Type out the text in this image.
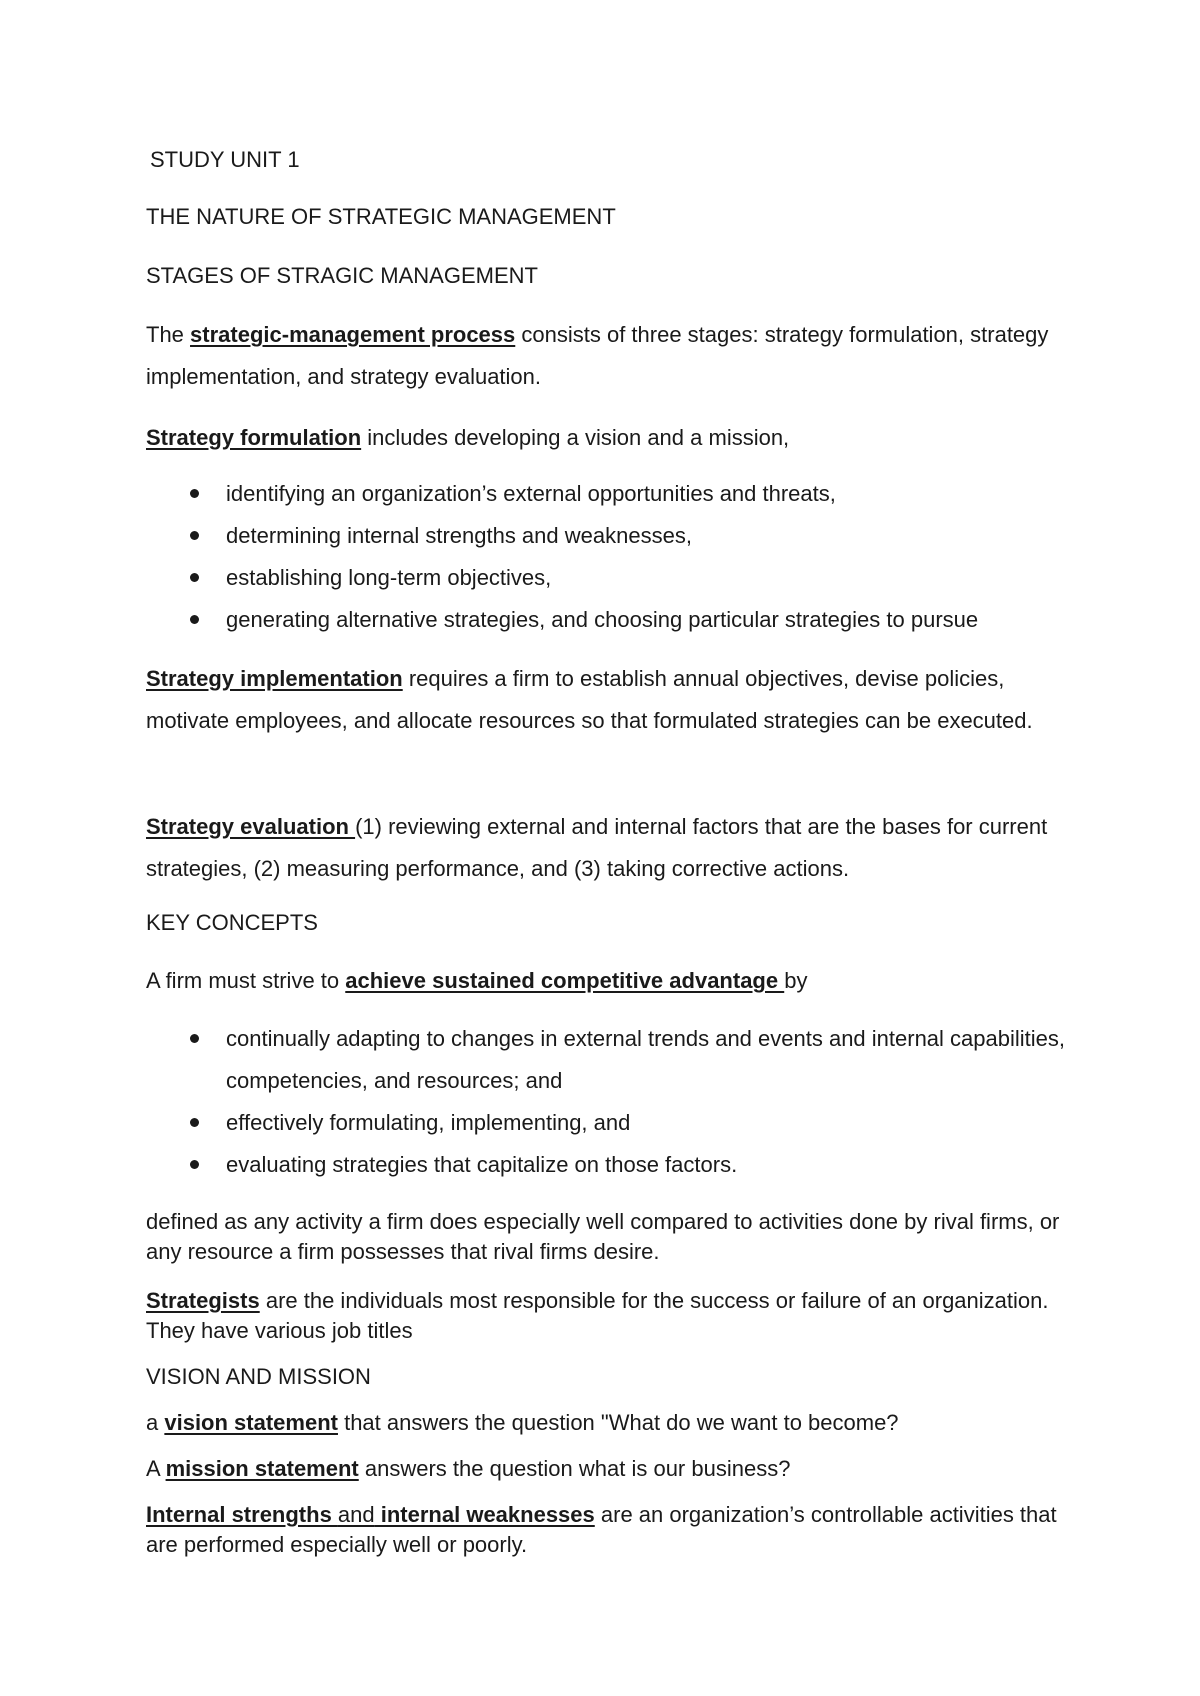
STUDY UNIT 1

THE NATURE OF STRATEGIC MANAGEMENT

STAGES OF STRAGIC MANAGEMENT

The strategic-management process consists of three stages: strategy formulation, strategy implementation, and strategy evaluation.

Strategy formulation includes developing a vision and a mission,

identifying an organization’s external opportunities and threats,
determining internal strengths and weaknesses,
establishing long-term objectives,
generating alternative strategies, and choosing particular strategies to pursue

Strategy implementation requires a firm to establish annual objectives, devise policies, motivate employees, and allocate resources so that formulated strategies can be executed.

Strategy evaluation (1) reviewing external and internal factors that are the bases for current strategies, (2) measuring performance, and (3) taking corrective actions.

KEY CONCEPTS

A firm must strive to achieve sustained competitive advantage by

continually adapting to changes in external trends and events and internal capabilities, competencies, and resources; and
effectively formulating, implementing, and
evaluating strategies that capitalize on those factors.

defined as any activity a firm does especially well compared to activities done by rival firms, or any resource a firm possesses that rival firms desire.

Strategists are the individuals most responsible for the success or failure of an organization. They have various job titles

VISION AND MISSION

a vision statement that answers the question "What do we want to become?

A mission statement answers the question what is our business?

Internal strengths and internal weaknesses are an organization’s controllable activities that are performed especially well or poorly.
